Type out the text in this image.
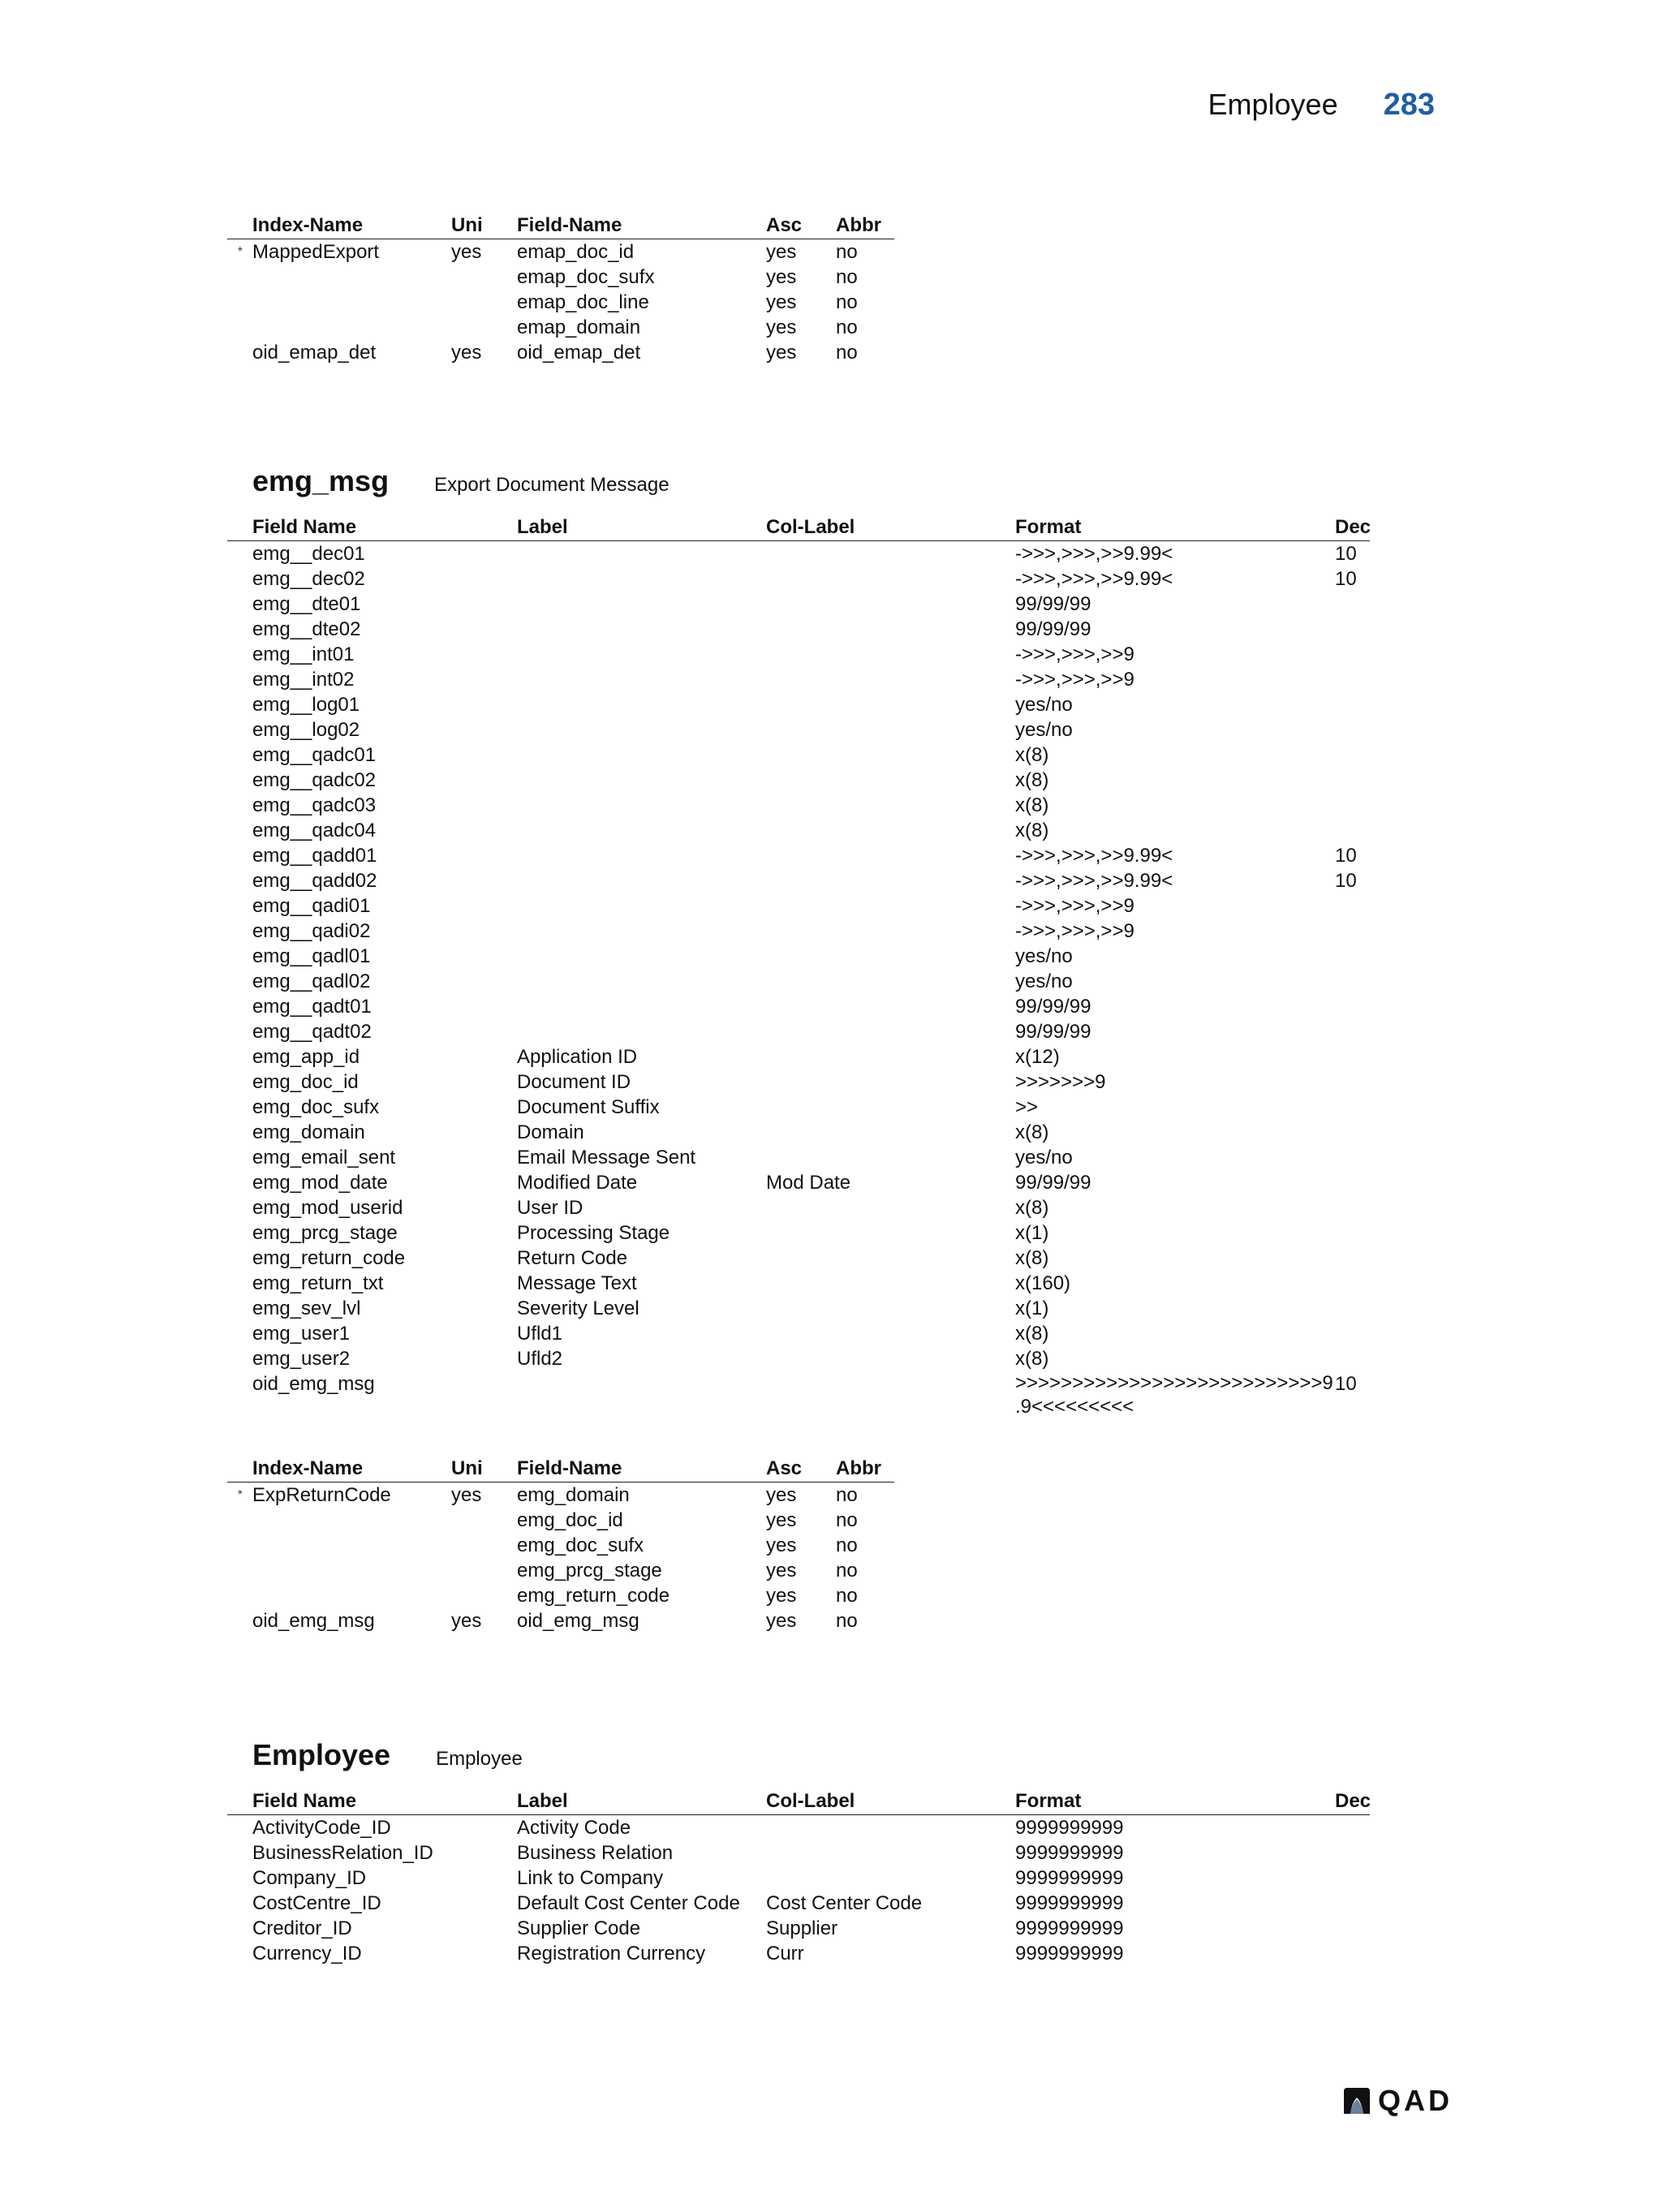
Employee 283
	Index-Name	Uni	Field-Name	Asc	Abbr
*	MappedExport	yes	emap_doc_id	yes	no
			emap_doc_sufx	yes	no
			emap_doc_line	yes	no
			emap_domain	yes	no
	oid_emap_det	yes	oid_emap_det	yes	no
emg_msg Export Document Message
	Field Name	Label	Col-Label	Format	Dec
	emg__dec01			->>>,>>>,>>9.99<	10
	emg__dec02			->>>,>>>,>>9.99<	10
	emg__dte01			99/99/99	
	emg__dte02			99/99/99	
	emg__int01			->>>,>>>,>>9	
	emg__int02			->>>,>>>,>>9	
	emg__log01			yes/no	
	emg__log02			yes/no	
	emg__qadc01			x(8)	
	emg__qadc02			x(8)	
	emg__qadc03			x(8)	
	emg__qadc04			x(8)	
	emg__qadd01			->>>,>>>,>>9.99<	10
	emg__qadd02			->>>,>>>,>>9.99<	10
	emg__qadi01			->>>,>>>,>>9	
	emg__qadi02			->>>,>>>,>>9	
	emg__qadl01			yes/no	
	emg__qadl02			yes/no	
	emg__qadt01			99/99/99	
	emg__qadt02			99/99/99	
	emg_app_id	Application ID		x(12)	
	emg_doc_id	Document ID		>>>>>>>9	
	emg_doc_sufx	Document Suffix		>>	
	emg_domain	Domain		x(8)	
	emg_email_sent	Email Message Sent		yes/no	
	emg_mod_date	Modified Date	Mod Date	99/99/99	
	emg_mod_userid	User ID		x(8)	
	emg_prcg_stage	Processing Stage		x(1)	
	emg_return_code	Return Code		x(8)	
	emg_return_txt	Message Text		x(160)	
	emg_sev_lvl	Severity Level		x(1)	
	emg_user1	Ufld1		x(8)	
	emg_user2	Ufld2		x(8)	
	oid_emg_msg			>>>>>>>>>>>>>>>>>>>>>>>>>>>9 .9<<<<<<<<<	10
	Index-Name	Uni	Field-Name	Asc	Abbr
*	ExpReturnCode	yes	emg_domain	yes	no
			emg_doc_id	yes	no
			emg_doc_sufx	yes	no
			emg_prcg_stage	yes	no
			emg_return_code	yes	no
	oid_emg_msg	yes	oid_emg_msg	yes	no
Employee Employee
	Field Name	Label	Col-Label	Format	Dec
	ActivityCode_ID	Activity Code		9999999999	
	BusinessRelation_ID	Business Relation		9999999999	
	Company_ID	Link to Company		9999999999	
	CostCentre_ID	Default Cost Center Code	Cost Center Code	9999999999	
	Creditor_ID	Supplier Code	Supplier	9999999999	
	Currency_ID	Registration Currency	Curr	9999999999	
QAD
